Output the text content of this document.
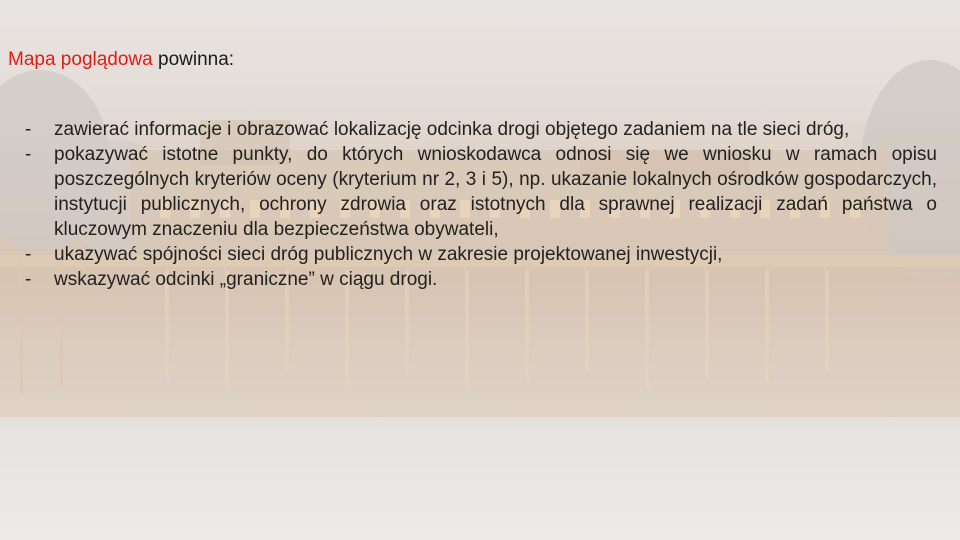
Mapa poglądowa powinna:
- zawierać informacje i obrazować lokalizację odcinka drogi objętego zadaniem na tle sieci dróg,
- pokazywać istotne punkty, do których wnioskodawca odnosi się we wniosku w ramach opisu poszczególnych kryteriów oceny (kryterium nr 2, 3 i 5), np. ukazanie lokalnych ośrodków gospodarczych, instytucji publicznych, ochrony zdrowia oraz istotnych dla sprawnej realizacji zadań państwa o kluczowym znaczeniu dla bezpieczeństwa obywateli,
- ukazywać spójności sieci dróg publicznych w zakresie projektowanej inwestycji,
- wskazywać odcinki „graniczne” w ciągu drogi.
